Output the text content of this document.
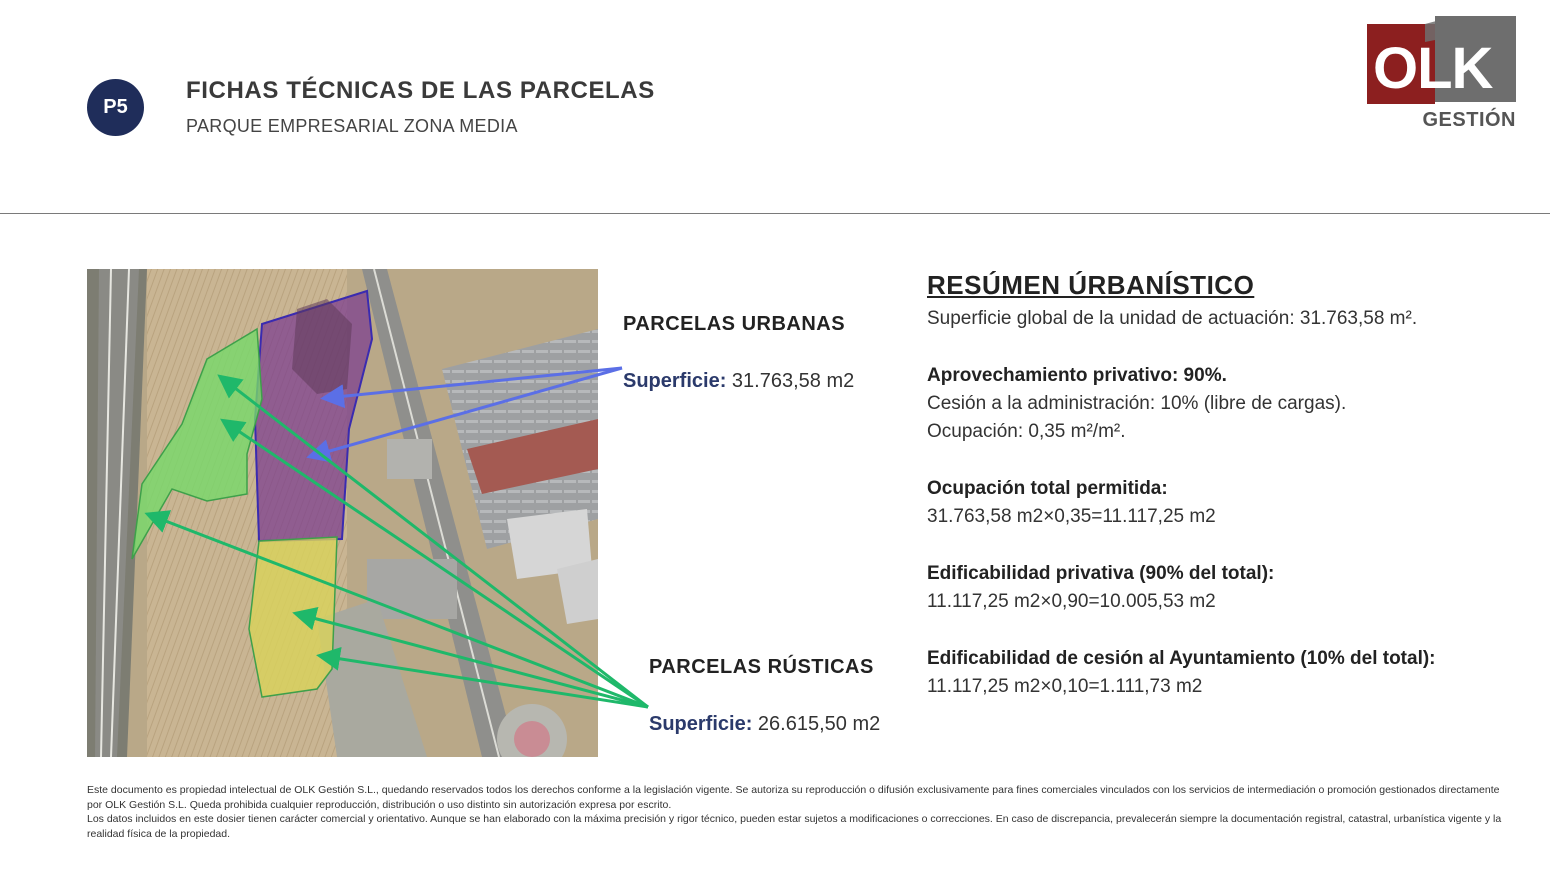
P5
FICHAS TÉCNICAS DE LAS PARCELAS
PARQUE EMPRESARIAL ZONA MEDIA
OLK
GESTIÓN
PARCELAS URBANAS
Superficie: 31.763,58 m2
PARCELAS RÚSTICAS
Superficie: 26.615,50 m2
RESÚMEN ÚRBANÍSTICO
Superficie global de la unidad de actuación: 31.763,58 m².
Aprovechamiento privativo: 90%.
Cesión a la administración: 10% (libre de cargas).
Ocupación: 0,35 m²/m².
Ocupación total permitida:
31.763,58 m2×0,35=11.117,25 m2
Edificabilidad privativa (90% del total):
11.117,25 m2×0,90=10.005,53 m2
Edificabilidad de cesión al Ayuntamiento (10% del total):
11.117,25 m2×0,10=1.111,73 m2
Este documento es propiedad intelectual de OLK Gestión S.L., quedando reservados todos los derechos conforme a la legislación vigente. Se autoriza su reproducción o difusión exclusivamente para fines comerciales vinculados con los servicios de intermediación o promoción gestionados directamente por OLK Gestión S.L. Queda prohibida cualquier reproducción, distribución o uso distinto sin autorización expresa por escrito.
Los datos incluidos en este dosier tienen carácter comercial y orientativo. Aunque se han elaborado con la máxima precisión y rigor técnico, pueden estar sujetos a modificaciones o correcciones. En caso de discrepancia, prevalecerán siempre la documentación registral, catastral, urbanística vigente y la realidad física de la propiedad.
